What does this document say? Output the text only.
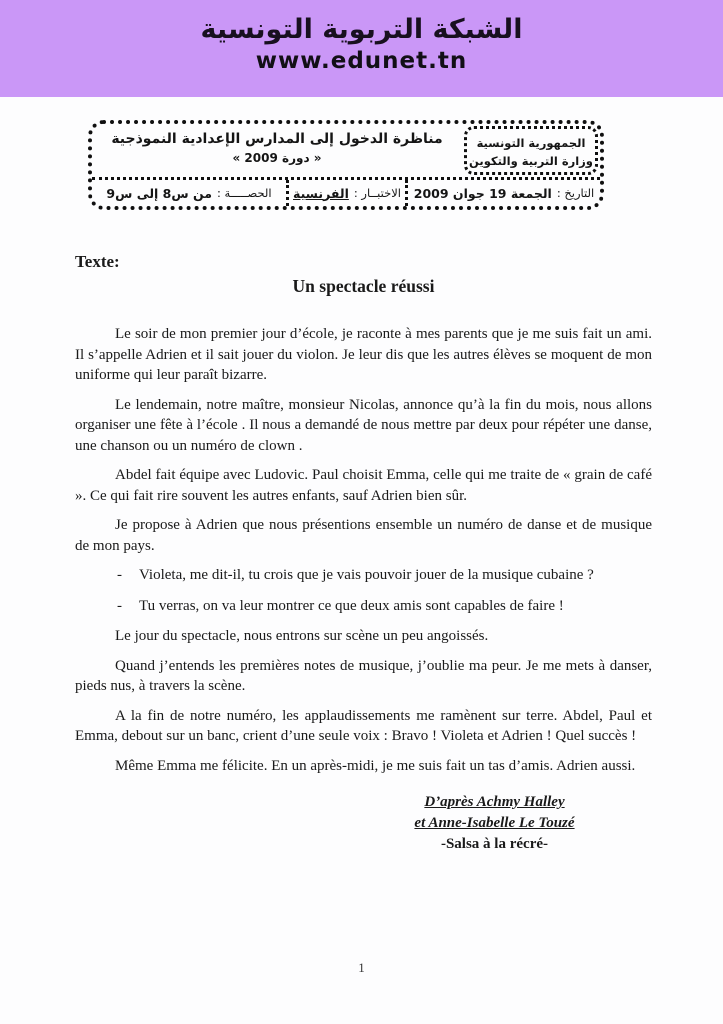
الشبكة التربوية التونسية
www.edunet.tn
الجمهورية التونسية
وزارة التربية والتكوين
مناظرة الدخول إلى المدارس الإعدادية النموذجية
« دورة 2009 »
التاريخ :
الجمعة 19 جوان 2009
الاختبــار :
الفرنسية
الحصـــــة :
من س8 إلى س9
Texte:
Un spectacle réussi

Le soir de mon premier jour d’école, je raconte à mes parents que je me suis fait un ami. Il s’appelle Adrien et il sait jouer du violon. Je leur dis que les autres élèves se moquent de mon uniforme qui leur paraît bizarre.

Le lendemain, notre maître, monsieur Nicolas, annonce qu’à la fin du mois, nous allons organiser une fête à l’école . Il nous a demandé de nous mettre par deux pour répéter une danse, une chanson ou un numéro de clown .

Abdel fait équipe avec Ludovic. Paul choisit Emma, celle qui me traite de « grain de café ». Ce qui fait rire souvent les autres enfants, sauf Adrien bien sûr.

Je propose à Adrien que nous présentions ensemble un numéro de danse et de musique de mon pays.

-	Violeta, me dit-il, tu crois que je vais pouvoir jouer de la musique cubaine ?
-	Tu verras, on va leur montrer ce que deux amis sont capables de faire !

Le jour du spectacle, nous entrons sur scène un peu angoissés.

Quand j’entends les premières notes de musique, j’oublie ma peur. Je me mets à danser, pieds nus, à travers la scène.

A la fin de notre numéro, les applaudissements me ramènent sur terre. Abdel, Paul et Emma, debout sur un banc, crient d’une seule voix : Bravo ! Violeta et Adrien ! Quel succès !

Même Emma me félicite. En un après-midi, je me suis fait un tas d’amis. Adrien aussi.

D’après Achmy Halley
et Anne-Isabelle Le Touzé
-Salsa à la récré-
1
